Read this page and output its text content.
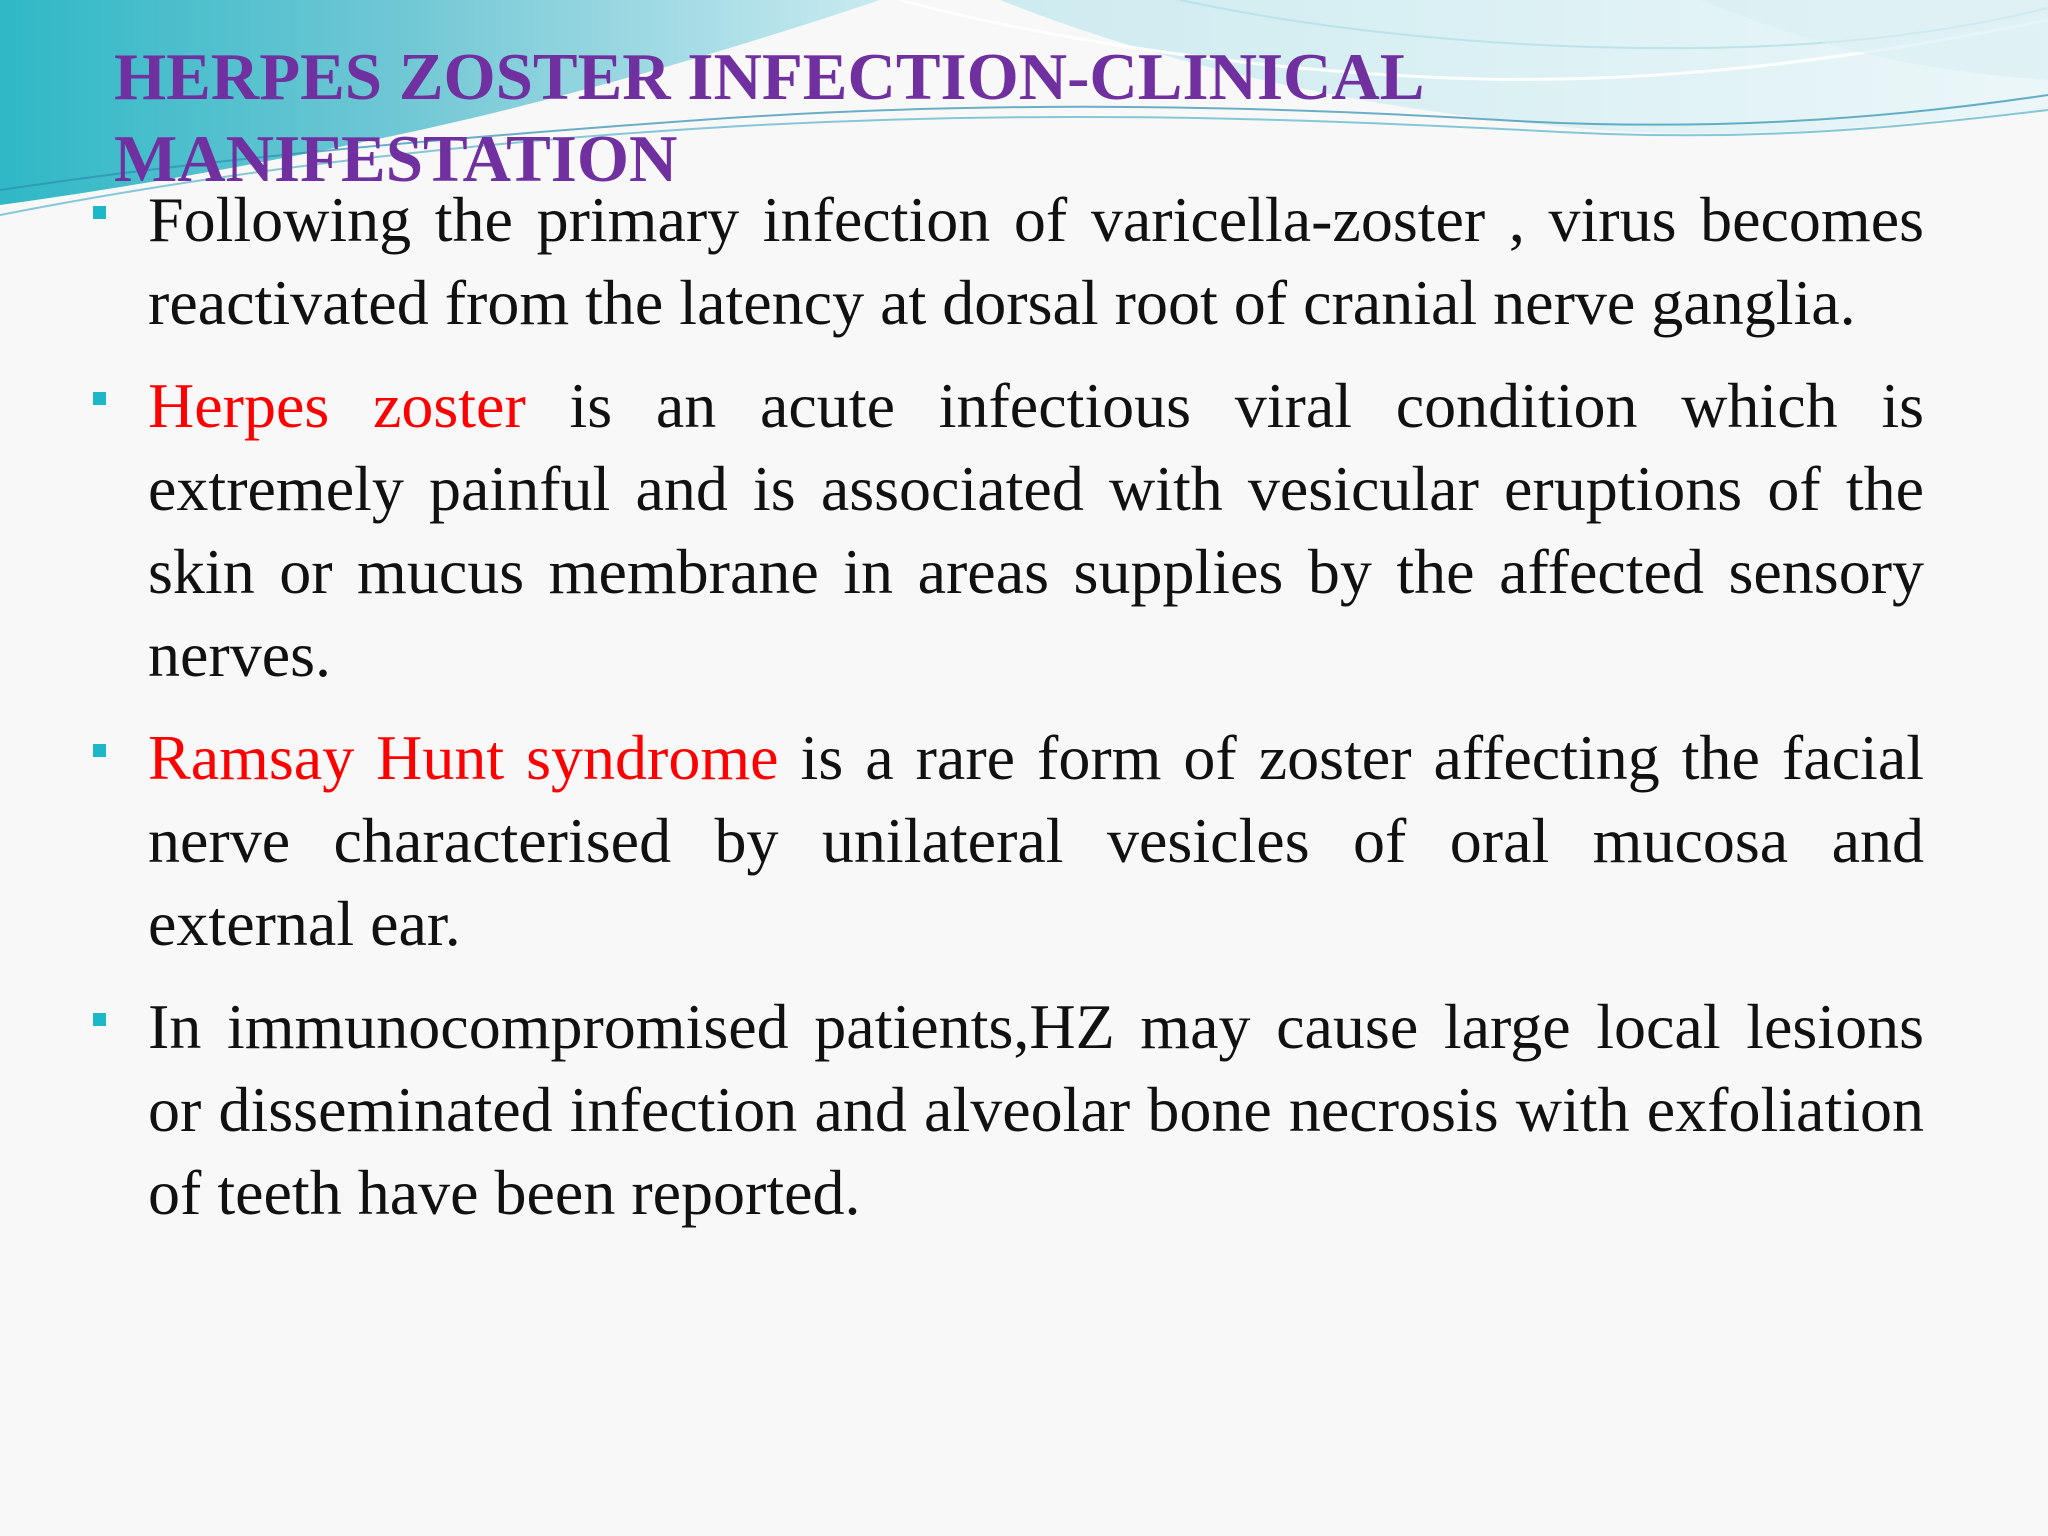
HERPES ZOSTER INFECTION-CLINICAL
MANIFESTATION
Following the primary infection of varicella-zoster , virus becomes reactivated from the latency at dorsal root of cranial nerve ganglia.
Herpes zoster is an acute infectious viral condition which is extremely painful and is associated with vesicular eruptions of the skin or mucus membrane in areas supplies by the affected sensory nerves.
Ramsay Hunt syndrome is a rare form of zoster affecting the facial nerve characterised by unilateral vesicles of oral mucosa and external ear.
In immunocompromised patients,HZ may cause large local lesions or disseminated infection and alveolar bone necrosis with exfoliation of teeth have been reported.
